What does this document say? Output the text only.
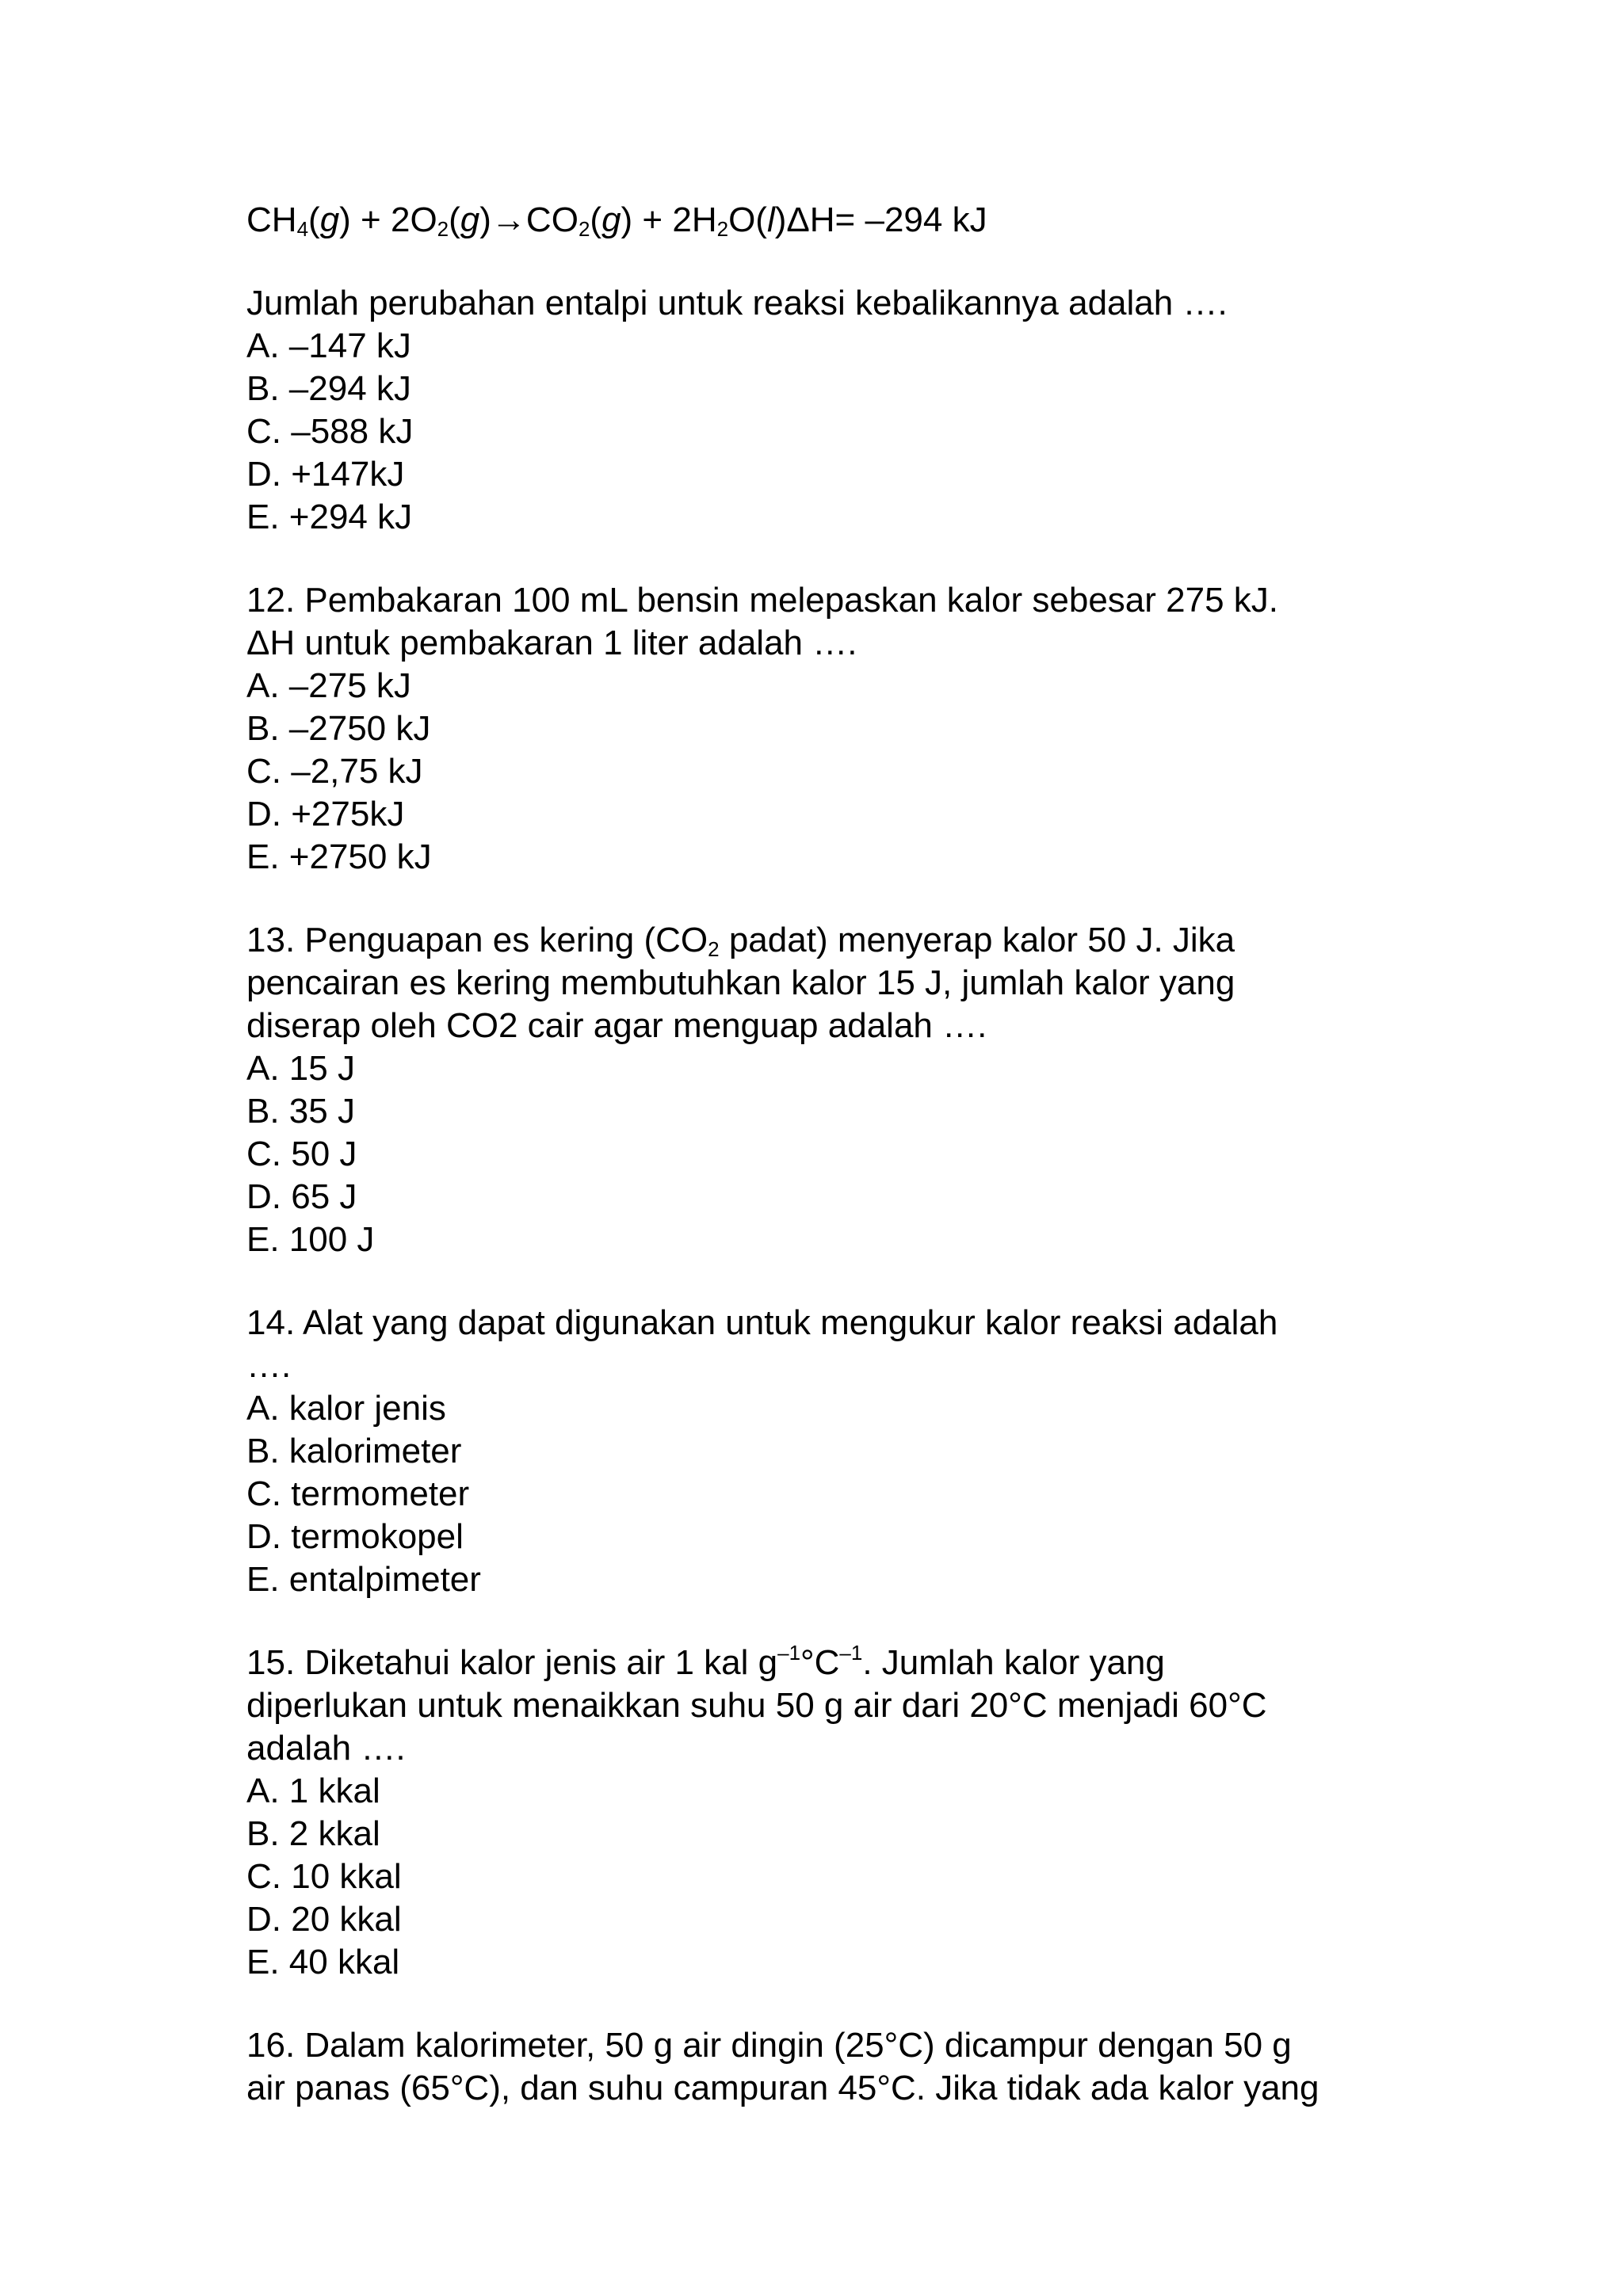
$CH_4(g) + 2O_2(g)\to CO_2(g) + 2H_2O(l)\Delta H= -294$ kJ
Jumlah perubahan entalpi untuk reaksi kebalikannya adalah ….
A. –147 kJ
B. –294 kJ
C. –588 kJ
D. +147kJ
E. +294 kJ
12. Pembakaran 100 mL bensin melepaskan kalor sebesar 275 kJ.
ΔH untuk pembakaran 1 liter adalah ….
A. –275 kJ
B. –2750 kJ
C. –2,75 kJ
D. +275kJ
E. +2750 kJ
13. Penguapan es kering ($CO_2$ padat) menyerap kalor 50 J. Jika
pencairan es kering membutuhkan kalor 15 J, jumlah kalor yang
diserap oleh CO2 cair agar menguap adalah ….
A. 15 J
B. 35 J
C. 50 J
D. 65 J
E. 100 J
14. Alat yang dapat digunakan untuk mengukur kalor reaksi adalah
….
A. kalor jenis
B. kalorimeter
C. termometer
D. termokopel
E. entalpimeter
15. Diketahui kalor jenis air 1 kal $g^{-1}^\circ C^{-1}$. Jumlah kalor yang
diperlukan untuk menaikkan suhu 50 g air dari 20°C menjadi 60°C
adalah ….
A. 1 kkal
B. 2 kkal
C. 10 kkal
D. 20 kkal
E. 40 kkal
16. Dalam kalorimeter, 50 g air dingin (25°C) dicampur dengan 50 g
air panas (65°C), dan suhu campuran 45°C. Jika tidak ada kalor yang
